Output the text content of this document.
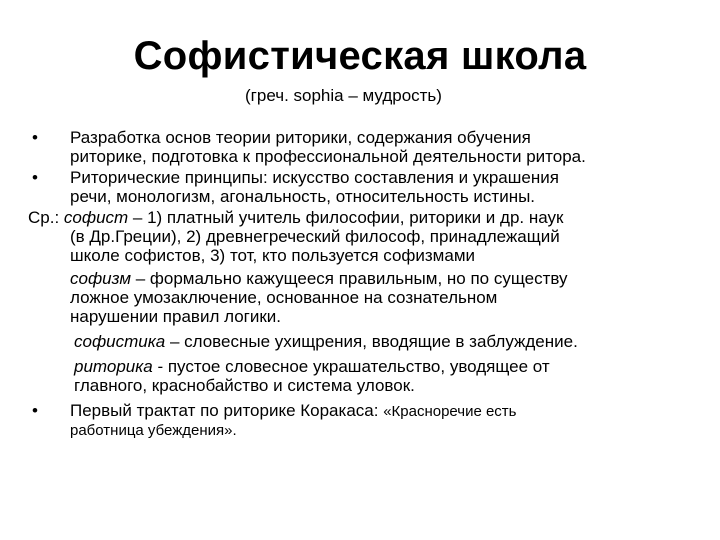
Софистическая школа
(греч. sophia – мудрость)
• Разработка основ теории риторики, содержания обучения
риторике, подготовка к профессиональной деятельности ритора.
• Риторические принципы: искусство составления и украшения
речи, монологизм, агональность, относительность истины.
Ср.: софист – 1) платный учитель философии, риторики и др. наук
(в Др.Греции), 2) древнегреческий философ, принадлежащий
школе софистов, 3) тот, кто пользуется софизмами
софизм – формально кажущееся правильным, но по существу
ложное умозаключение, основанное на сознательном
нарушении правил логики.
софистика – словесные ухищрения, вводящие в заблуждение.
риторика - пустое словесное украшательство, уводящее от
главного, краснобайство и система уловок.
• Первый трактат по риторике Коракаса: «Красноречие есть
работница убеждения».
